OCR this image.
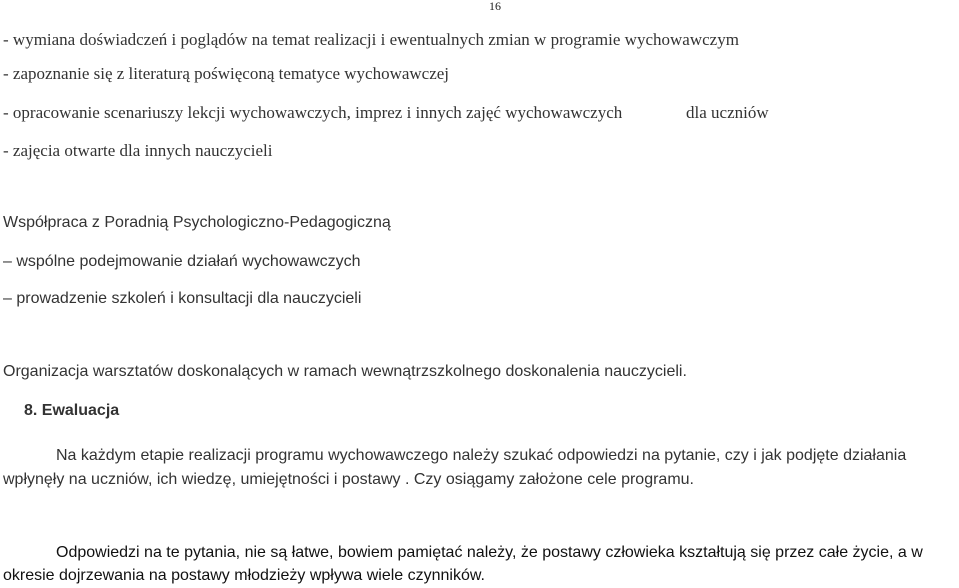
16
- wymiana doświadczeń i poglądów na temat realizacji i ewentualnych zmian w programie wychowawczym
- zapoznanie się z literaturą poświęconą tematyce wychowawczej
- opracowanie scenariuszy lekcji wychowawczych, imprez i innych zajęć wychowawczych	dla uczniów
- zajęcia otwarte dla innych nauczycieli
Współpraca z Poradnią Psychologiczno-Pedagogiczną
– wspólne podejmowanie działań wychowawczych
– prowadzenie szkoleń i konsultacji dla nauczycieli
Organizacja warsztatów doskonalących w ramach wewnątrzszkolnego doskonalenia nauczycieli.
8. Ewaluacja
Na każdym etapie realizacji programu wychowawczego należy szukać odpowiedzi na pytanie, czy i jak podjęte działania
wpłynęły na uczniów, ich wiedzę, umiejętności i postawy . Czy osiągamy założone cele programu.
Odpowiedzi na te pytania, nie są łatwe, bowiem pamiętać należy, że postawy człowieka kształtują się przez całe życie, a w
okresie dojrzewania na postawy młodzieży wpływa wiele czynników.
